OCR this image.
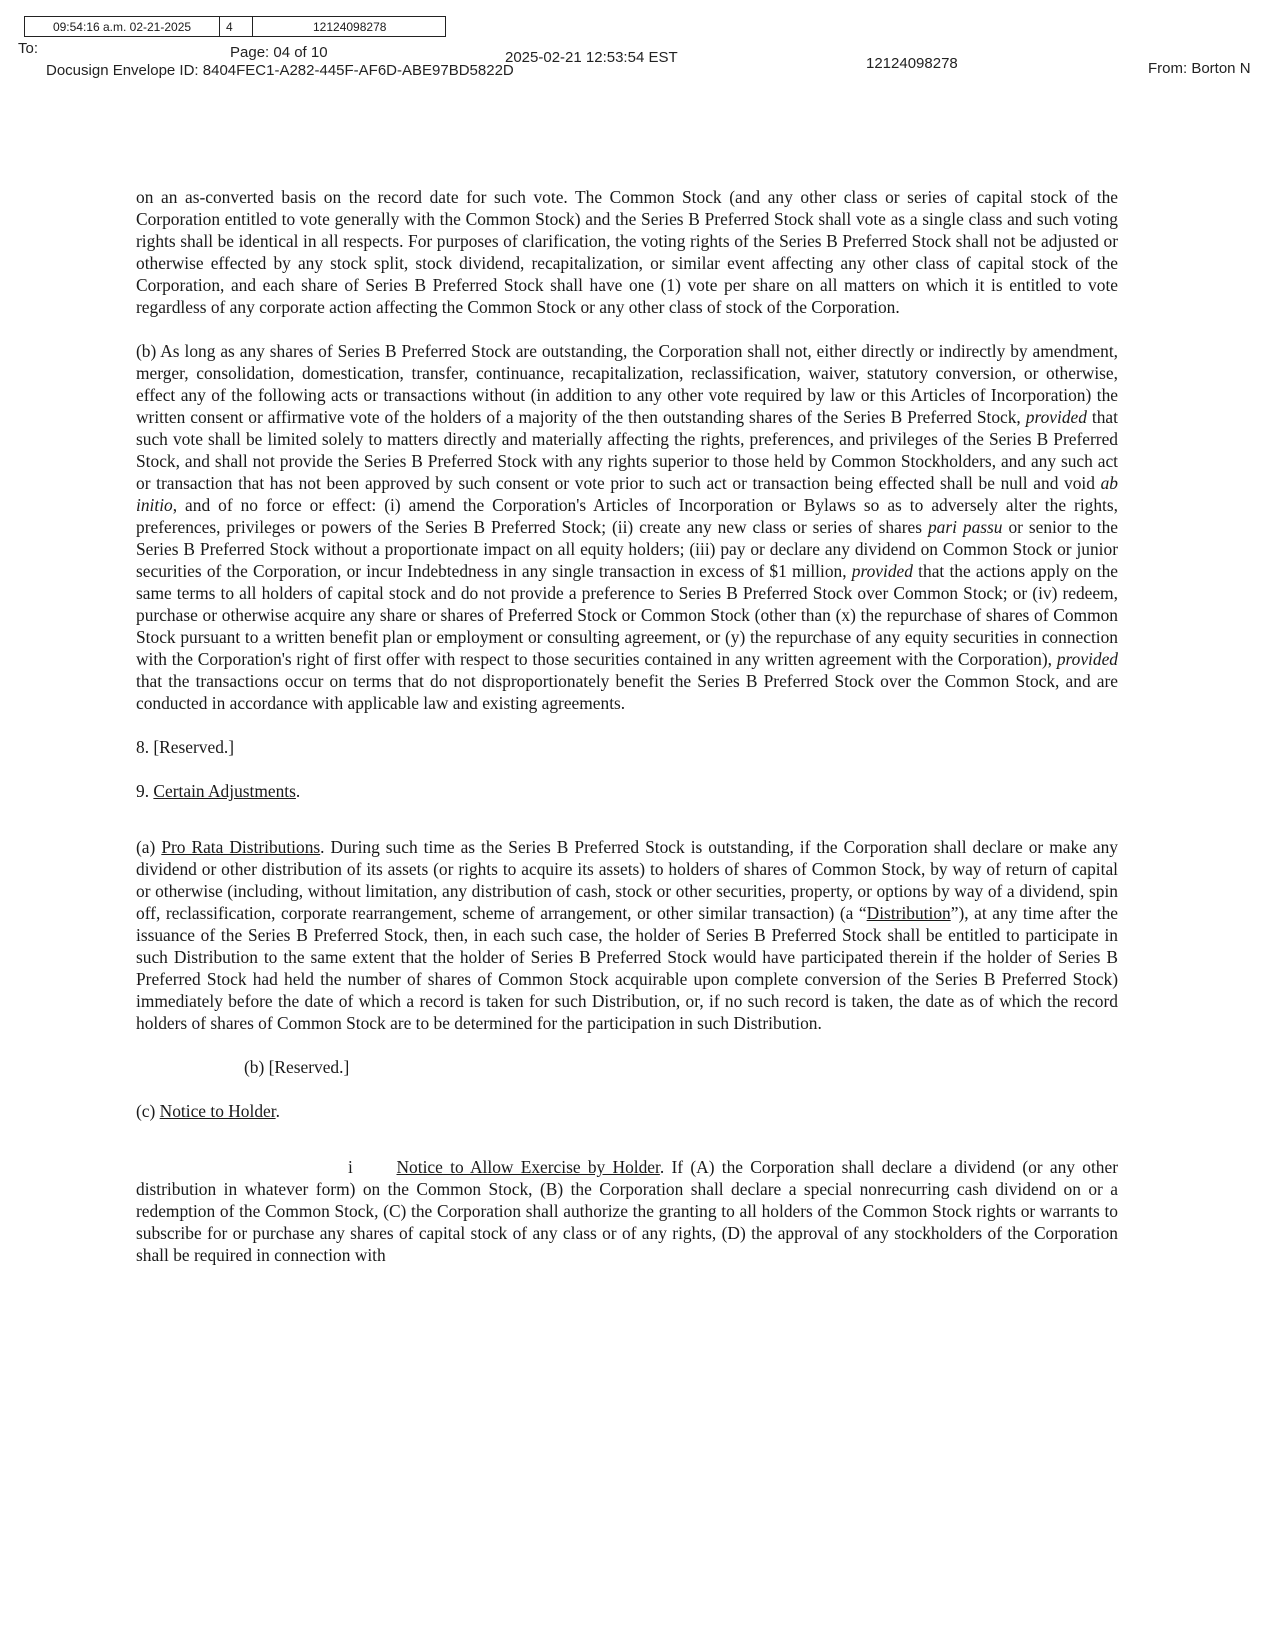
09:54:16 a.m. 02-21-2025	4	12124098278
To:	Page: 04 of 10	2025-02-21 12:53:54 EST	12124098278	From: Borton N
Docusign Envelope ID: 8404FEC1-A282-445F-AF6D-ABE97BD5822D

on an as-converted basis on the record date for such vote. The Common Stock (and any other class or series of capital stock of the Corporation entitled to vote generally with the Common Stock) and the Series B Preferred Stock shall vote as a single class and such voting rights shall be identical in all respects. For purposes of clarification, the voting rights of the Series B Preferred Stock shall not be adjusted or otherwise effected by any stock split, stock dividend, recapitalization, or similar event affecting any other class of capital stock of the Corporation, and each share of Series B Preferred Stock shall have one (1) vote per share on all matters on which it is entitled to vote regardless of any corporate action affecting the Common Stock or any other class of stock of the Corporation.

(b) As long as any shares of Series B Preferred Stock are outstanding, the Corporation shall not, either directly or indirectly by amendment, merger, consolidation, domestication, transfer, continuance, recapitalization, reclassification, waiver, statutory conversion, or otherwise, effect any of the following acts or transactions without (in addition to any other vote required by law or this Articles of Incorporation) the written consent or affirmative vote of the holders of a majority of the then outstanding shares of the Series B Preferred Stock, provided that such vote shall be limited solely to matters directly and materially affecting the rights, preferences, and privileges of the Series B Preferred Stock, and shall not provide the Series B Preferred Stock with any rights superior to those held by Common Stockholders, and any such act or transaction that has not been approved by such consent or vote prior to such act or transaction being effected shall be null and void ab initio, and of no force or effect: (i) amend the Corporation's Articles of Incorporation or Bylaws so as to adversely alter the rights, preferences, privileges or powers of the Series B Preferred Stock; (ii) create any new class or series of shares pari passu or senior to the Series B Preferred Stock without a proportionate impact on all equity holders; (iii) pay or declare any dividend on Common Stock or junior securities of the Corporation, or incur Indebtedness in any single transaction in excess of $1 million, provided that the actions apply on the same terms to all holders of capital stock and do not provide a preference to Series B Preferred Stock over Common Stock; or (iv) redeem, purchase or otherwise acquire any share or shares of Preferred Stock or Common Stock (other than (x) the repurchase of shares of Common Stock pursuant to a written benefit plan or employment or consulting agreement, or (y) the repurchase of any equity securities in connection with the Corporation's right of first offer with respect to those securities contained in any written agreement with the Corporation), provided that the transactions occur on terms that do not disproportionately benefit the Series B Preferred Stock over the Common Stock, and are conducted in accordance with applicable law and existing agreements.

8. [Reserved.]

9. Certain Adjustments.

(a) Pro Rata Distributions. During such time as the Series B Preferred Stock is outstanding, if the Corporation shall declare or make any dividend or other distribution of its assets (or rights to acquire its assets) to holders of shares of Common Stock, by way of return of capital or otherwise (including, without limitation, any distribution of cash, stock or other securities, property, or options by way of a dividend, spin off, reclassification, corporate rearrangement, scheme of arrangement, or other similar transaction) (a “Distribution”), at any time after the issuance of the Series B Preferred Stock, then, in each such case, the holder of Series B Preferred Stock shall be entitled to participate in such Distribution to the same extent that the holder of Series B Preferred Stock would have participated therein if the holder of Series B Preferred Stock had held the number of shares of Common Stock acquirable upon complete conversion of the Series B Preferred Stock) immediately before the date of which a record is taken for such Distribution, or, if no such record is taken, the date as of which the record holders of shares of Common Stock are to be determined for the participation in such Distribution.

(b) [Reserved.]

(c) Notice to Holder.

i	Notice to Allow Exercise by Holder. If (A) the Corporation shall declare a dividend (or any other distribution in whatever form) on the Common Stock, (B) the Corporation shall declare a special nonrecurring cash dividend on or a redemption of the Common Stock, (C) the Corporation shall authorize the granting to all holders of the Common Stock rights or warrants to subscribe for or purchase any shares of capital stock of any class or of any rights, (D) the approval of any stockholders of the Corporation shall be required in connection with
